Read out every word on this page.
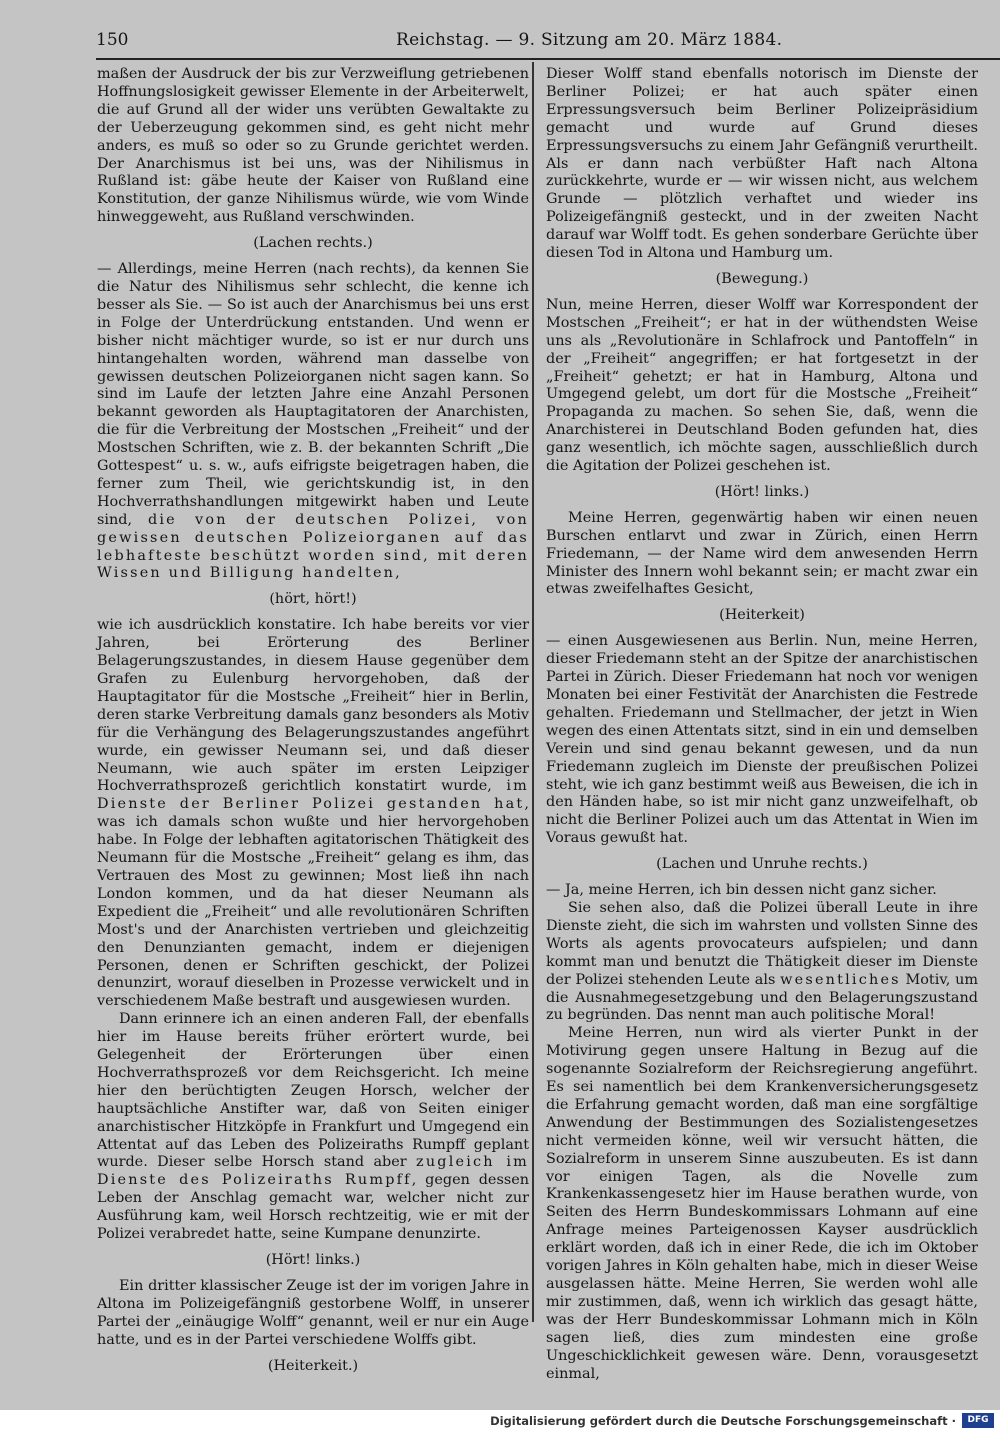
150	Reichstag. — 9. Sitzung am 20. März 1884.

maßen der Ausdruck der bis zur Verzweiflung getriebenen Hoffnungslosigkeit gewisser Elemente in der Arbeiterwelt, die auf Grund all der wider uns verübten Gewaltakte zu der Ueberzeugung gekommen sind, es geht nicht mehr anders, es muß so oder so zu Grunde gerichtet werden. Der Anarchismus ist bei uns, was der Nihilismus in Rußland ist: gäbe heute der Kaiser von Rußland eine Konstitution, der ganze Nihilismus würde, wie vom Winde hinweggeweht, aus Rußland verschwinden.

(Lachen rechts.)

— Allerdings, meine Herren (nach rechts), da kennen Sie die Natur des Nihilismus sehr schlecht, die kenne ich besser als Sie. — So ist auch der Anarchismus bei uns erst in Folge der Unterdrückung entstanden. Und wenn er bisher nicht mächtiger wurde, so ist er nur durch uns hintangehalten worden, während man dasselbe von gewissen deutschen Polizeiorganen nicht sagen kann. So sind im Laufe der letzten Jahre eine Anzahl Personen bekannt geworden als Hauptagitatoren der Anarchisten, die für die Verbreitung der Mostschen „Freiheit“ und der Mostschen Schriften, wie z. B. der bekannten Schrift „Die Gottespest“ u. s. w., aufs eifrigste beigetragen haben, die ferner zum Theil, wie gerichtskundig ist, in den Hochverrathshandlungen mitgewirkt haben und Leute sind, die von der deutschen Polizei, von gewissen deutschen Polizeiorganen auf das lebhafteste beschützt worden sind, mit deren Wissen und Billigung handelten,

(hört, hört!)

wie ich ausdrücklich konstatire. Ich habe bereits vor vier Jahren, bei Erörterung des Berliner Belagerungszustandes, in diesem Hause gegenüber dem Grafen zu Eulenburg hervorgehoben, daß der Hauptagitator für die Mostsche „Freiheit“ hier in Berlin, deren starke Verbreitung damals ganz besonders als Motiv für die Verhängung des Belagerungszustandes angeführt wurde, ein gewisser Neumann sei, und daß dieser Neumann, wie auch später im ersten Leipziger Hochverrathsprozeß gerichtlich konstatirt wurde, im Dienste der Berliner Polizei gestanden hat, was ich damals schon wußte und hier hervorgehoben habe. In Folge der lebhaften agitatorischen Thätigkeit des Neumann für die Mostsche „Freiheit“ gelang es ihm, das Vertrauen des Most zu gewinnen; Most ließ ihn nach London kommen, und da hat dieser Neumann als Expedient die „Freiheit“ und alle revolutionären Schriften Most's und der Anarchisten vertrieben und gleichzeitig den Denunzianten gemacht, indem er diejenigen Personen, denen er Schriften geschickt, der Polizei denunzirt, worauf dieselben in Prozesse verwickelt und in verschiedenem Maße bestraft und ausgewiesen wurden.

Dann erinnere ich an einen anderen Fall, der ebenfalls hier im Hause bereits früher erörtert wurde, bei Gelegenheit der Erörterungen über einen Hochverrathsprozeß vor dem Reichsgericht. Ich meine hier den berüchtigten Zeugen Horsch, welcher der hauptsächliche Anstifter war, daß von Seiten einiger anarchistischer Hitzköpfe in Frankfurt und Umgegend ein Attentat auf das Leben des Polizeiraths Rumpff geplant wurde. Dieser selbe Horsch stand aber zugleich im Dienste des Polizeiraths Rumpff, gegen dessen Leben der Anschlag gemacht war, welcher nicht zur Ausführung kam, weil Horsch rechtzeitig, wie er mit der Polizei verabredet hatte, seine Kumpane denunzirte.

(Hört! links.)

Ein dritter klassischer Zeuge ist der im vorigen Jahre in Altona im Polizeigefängniß gestorbene Wolff, in unserer Partei der „einäugige Wolff“ genannt, weil er nur ein Auge hatte, und es in der Partei verschiedene Wolffs gibt.

(Heiterkeit.)

Dieser Wolff stand ebenfalls notorisch im Dienste der Berliner Polizei; er hat auch später einen Erpressungsversuch beim Berliner Polizeipräsidium gemacht und wurde auf Grund dieses Erpressungsversuchs zu einem Jahr Gefängniß verurtheilt. Als er dann nach verbüßter Haft nach Altona zurückkehrte, wurde er — wir wissen nicht, aus welchem Grunde — plötzlich verhaftet und wieder ins Polizeigefängniß gesteckt, und in der zweiten Nacht darauf war Wolff todt. Es gehen sonderbare Gerüchte über diesen Tod in Altona und Hamburg um.

(Bewegung.)

Nun, meine Herren, dieser Wolff war Korrespondent der Mostschen „Freiheit“; er hat in der wüthendsten Weise uns als „Revolutionäre in Schlafrock und Pantoffeln“ in der „Freiheit“ angegriffen; er hat fortgesetzt in der „Freiheit“ gehetzt; er hat in Hamburg, Altona und Umgegend gelebt, um dort für die Mostsche „Freiheit“ Propaganda zu machen. So sehen Sie, daß, wenn die Anarchisterei in Deutschland Boden gefunden hat, dies ganz wesentlich, ich möchte sagen, ausschließlich durch die Agitation der Polizei geschehen ist.

(Hört! links.)

Meine Herren, gegenwärtig haben wir einen neuen Burschen entlarvt und zwar in Zürich, einen Herrn Friedemann, — der Name wird dem anwesenden Herrn Minister des Innern wohl bekannt sein; er macht zwar ein etwas zweifelhaftes Gesicht,

(Heiterkeit)

— einen Ausgewiesenen aus Berlin. Nun, meine Herren, dieser Friedemann steht an der Spitze der anarchistischen Partei in Zürich. Dieser Friedemann hat noch vor wenigen Monaten bei einer Festivität der Anarchisten die Festrede gehalten. Friedemann und Stellmacher, der jetzt in Wien wegen des einen Attentats sitzt, sind in ein und demselben Verein und sind genau bekannt gewesen, und da nun Friedemann zugleich im Dienste der preußischen Polizei steht, wie ich ganz bestimmt weiß aus Beweisen, die ich in den Händen habe, so ist mir nicht ganz unzweifelhaft, ob nicht die Berliner Polizei auch um das Attentat in Wien im Voraus gewußt hat.

(Lachen und Unruhe rechts.)

— Ja, meine Herren, ich bin dessen nicht ganz sicher.

Sie sehen also, daß die Polizei überall Leute in ihre Dienste zieht, die sich im wahrsten und vollsten Sinne des Worts als agents provocateurs aufspielen; und dann kommt man und benutzt die Thätigkeit dieser im Dienste der Polizei stehenden Leute als wesentliches Motiv, um die Ausnahmegesetzgebung und den Belagerungszustand zu begründen. Das nennt man auch politische Moral!

Meine Herren, nun wird als vierter Punkt in der Motivirung gegen unsere Haltung in Bezug auf die sogenannte Sozialreform der Reichsregierung angeführt. Es sei namentlich bei dem Krankenversicherungsgesetz die Erfahrung gemacht worden, daß man eine sorgfältige Anwendung der Bestimmungen des Sozialistengesetzes nicht vermeiden könne, weil wir versucht hätten, die Sozialreform in unserem Sinne auszubeuten. Es ist dann vor einigen Tagen, als die Novelle zum Krankenkassengesetz hier im Hause berathen wurde, von Seiten des Herrn Bundeskommissars Lohmann auf eine Anfrage meines Parteigenossen Kayser ausdrücklich erklärt worden, daß ich in einer Rede, die ich im Oktober vorigen Jahres in Köln gehalten habe, mich in dieser Weise ausgelassen hätte. Meine Herren, Sie werden wohl alle mir zustimmen, daß, wenn ich wirklich das gesagt hätte, was der Herr Bundeskommissar Lohmann mich in Köln sagen ließ, dies zum mindesten eine große Ungeschicklichkeit gewesen wäre. Denn, vorausgesetzt einmal,

Digitalisierung gefördert durch die Deutsche Forschungsgemeinschaft ·	DFG
